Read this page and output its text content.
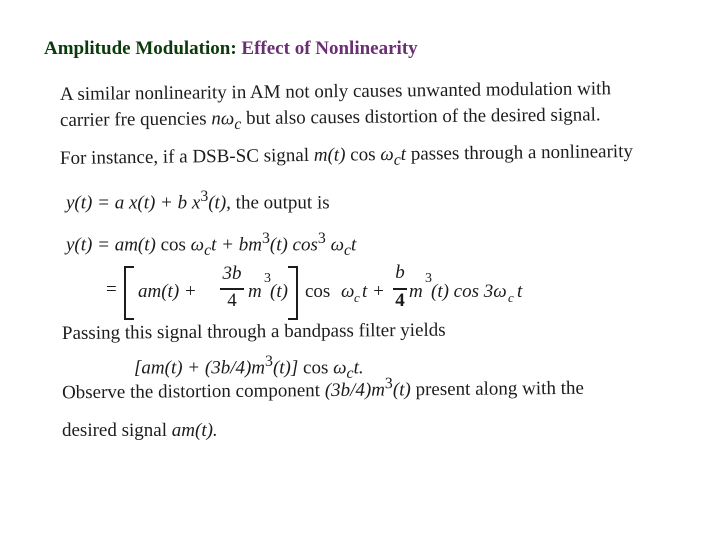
Amplitude Modulation: Effect of Nonlinearity
A similar nonlinearity in AM not only causes unwanted modulation with
carrier fre quencies $n\omega_c$ but also causes distortion of the desired signal.
For instance, if a DSB-SC signal m(t) $\cos \omega_ct$ passes through a nonlinearity
y(t) = a x(t) + b $x^3(t)$, the output is
y(t) = am(t) $\cos \omega_ct + bm^3(t)$ $\cos^3 \omega_ct$
= am(t) +
3b
4 m
3
(t) cos ω c t +
b
4 m
3
(t) cos 3ω c t
Passing this signal through a bandpass filter yields
$[am(t) + (3b/4)m^3(t)]$ $\cos \omega_ct$.
Observe the distortion component $(3b/4)m^3(t)$ present along with the
desired signal am(t).
